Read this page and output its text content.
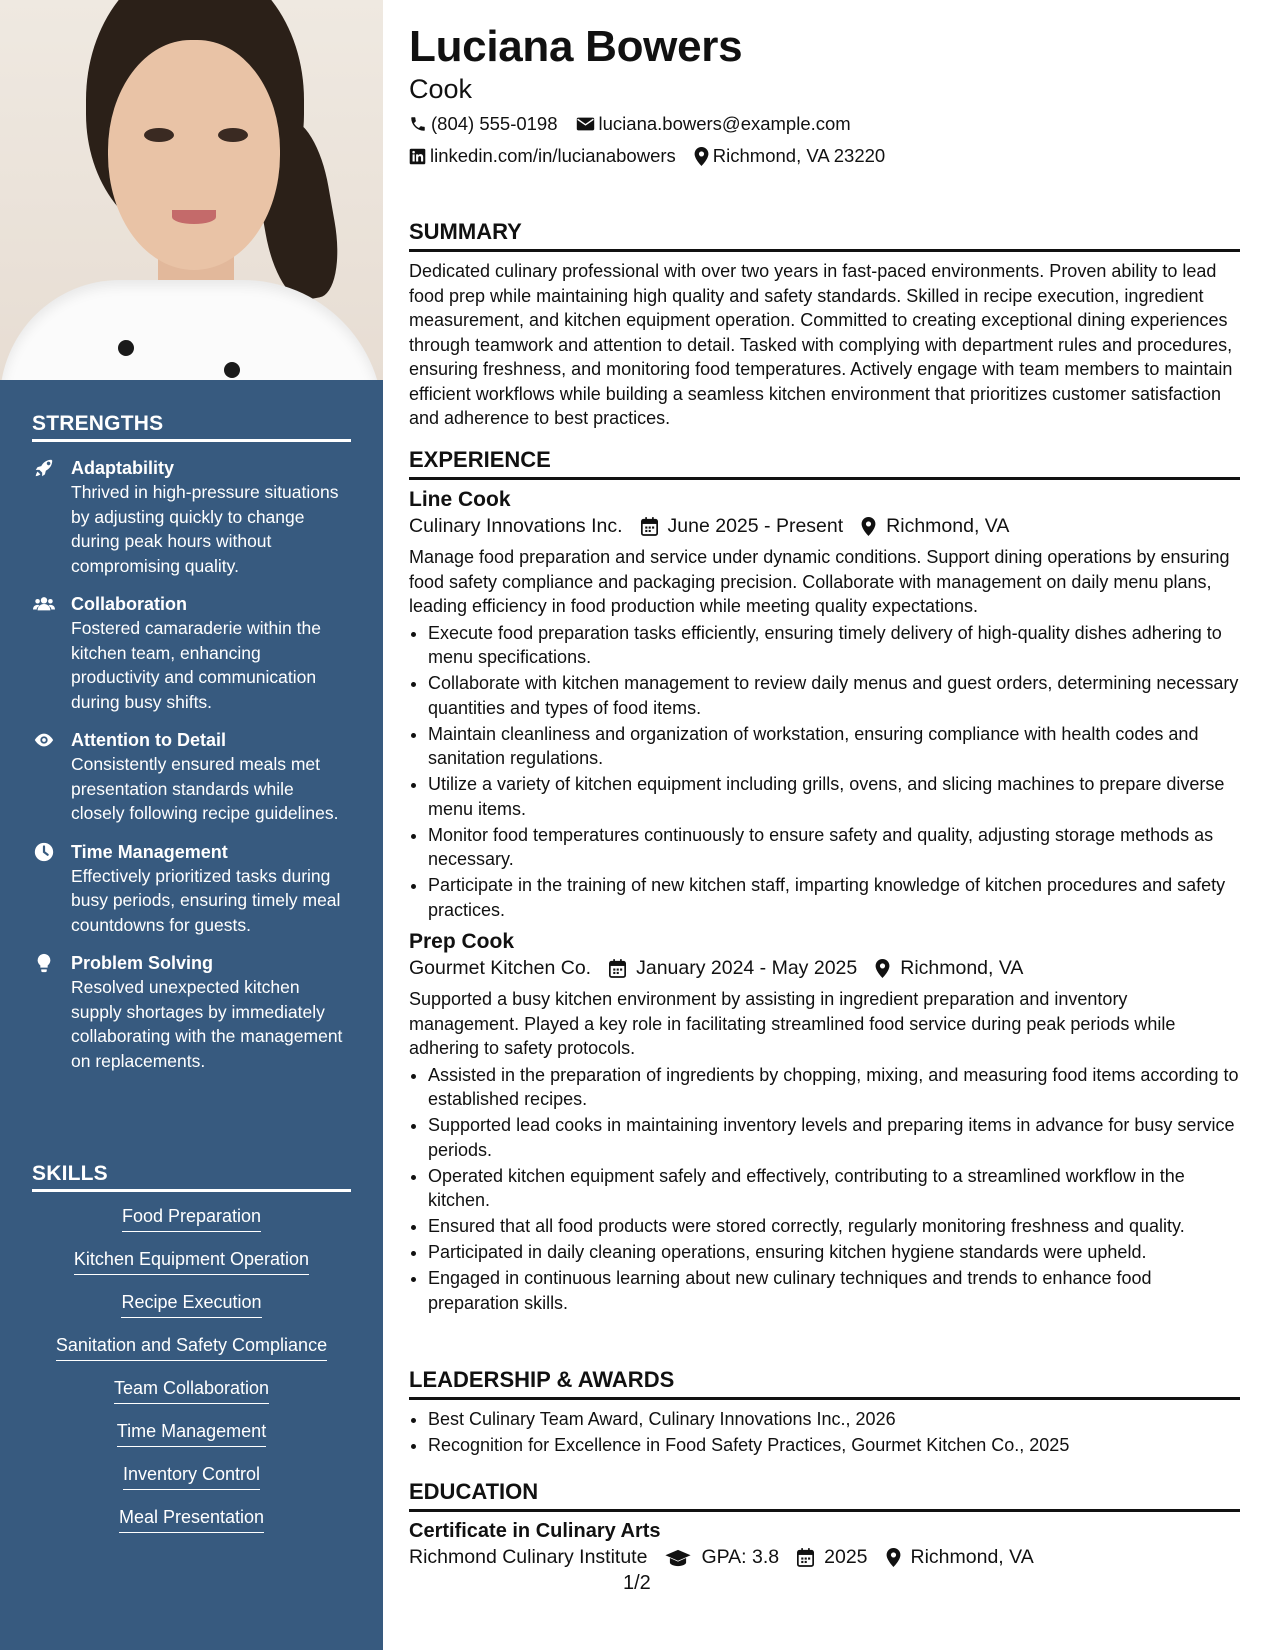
STRENGTHS
Adaptability
Thrived in high-pressure situations by adjusting quickly to change during peak hours without compromising quality.
Collaboration
Fostered camaraderie within the kitchen team, enhancing productivity and communication during busy shifts.
Attention to Detail
Consistently ensured meals met presentation standards while closely following recipe guidelines.
Time Management
Effectively prioritized tasks during busy periods, ensuring timely meal countdowns for guests.
Problem Solving
Resolved unexpected kitchen supply shortages by immediately collaborating with the management on replacements.
SKILLS
Food Preparation
Kitchen Equipment Operation
Recipe Execution
Sanitation and Safety Compliance
Team Collaboration
Time Management
Inventory Control
Meal Presentation
Luciana Bowers
Cook
(804) 555-0198 luciana.bowers@example.com
linkedin.com/in/lucianabowers Richmond, VA 23220
SUMMARY
Dedicated culinary professional with over two years in fast-paced environments. Proven ability to lead food prep while maintaining high quality and safety standards. Skilled in recipe execution, ingredient measurement, and kitchen equipment operation. Committed to creating exceptional dining experiences through teamwork and attention to detail. Tasked with complying with department rules and procedures, ensuring freshness, and monitoring food temperatures. Actively engage with team members to maintain efficient workflows while building a seamless kitchen environment that prioritizes customer satisfaction and adherence to best practices.
EXPERIENCE
Line Cook
Culinary Innovations Inc. June 2025 - Present Richmond, VA
Manage food preparation and service under dynamic conditions. Support dining operations by ensuring food safety compliance and packaging precision. Collaborate with management on daily menu plans, leading efficiency in food production while meeting quality expectations.
• Execute food preparation tasks efficiently, ensuring timely delivery of high-quality dishes adhering to menu specifications.
• Collaborate with kitchen management to review daily menus and guest orders, determining necessary quantities and types of food items.
• Maintain cleanliness and organization of workstation, ensuring compliance with health codes and sanitation regulations.
• Utilize a variety of kitchen equipment including grills, ovens, and slicing machines to prepare diverse menu items.
• Monitor food temperatures continuously to ensure safety and quality, adjusting storage methods as necessary.
• Participate in the training of new kitchen staff, imparting knowledge of kitchen procedures and safety practices.
Prep Cook
Gourmet Kitchen Co. January 2024 - May 2025 Richmond, VA
Supported a busy kitchen environment by assisting in ingredient preparation and inventory management. Played a key role in facilitating streamlined food service during peak periods while adhering to safety protocols.
• Assisted in the preparation of ingredients by chopping, mixing, and measuring food items according to established recipes.
• Supported lead cooks in maintaining inventory levels and preparing items in advance for busy service periods.
• Operated kitchen equipment safely and effectively, contributing to a streamlined workflow in the kitchen.
• Ensured that all food products were stored correctly, regularly monitoring freshness and quality.
• Participated in daily cleaning operations, ensuring kitchen hygiene standards were upheld.
• Engaged in continuous learning about new culinary techniques and trends to enhance food preparation skills.
LEADERSHIP & AWARDS
• Best Culinary Team Award, Culinary Innovations Inc., 2026
• Recognition for Excellence in Food Safety Practices, Gourmet Kitchen Co., 2025
EDUCATION
Certificate in Culinary Arts
Richmond Culinary Institute	GPA: 3.8 2025 Richmond, VA
1/2
